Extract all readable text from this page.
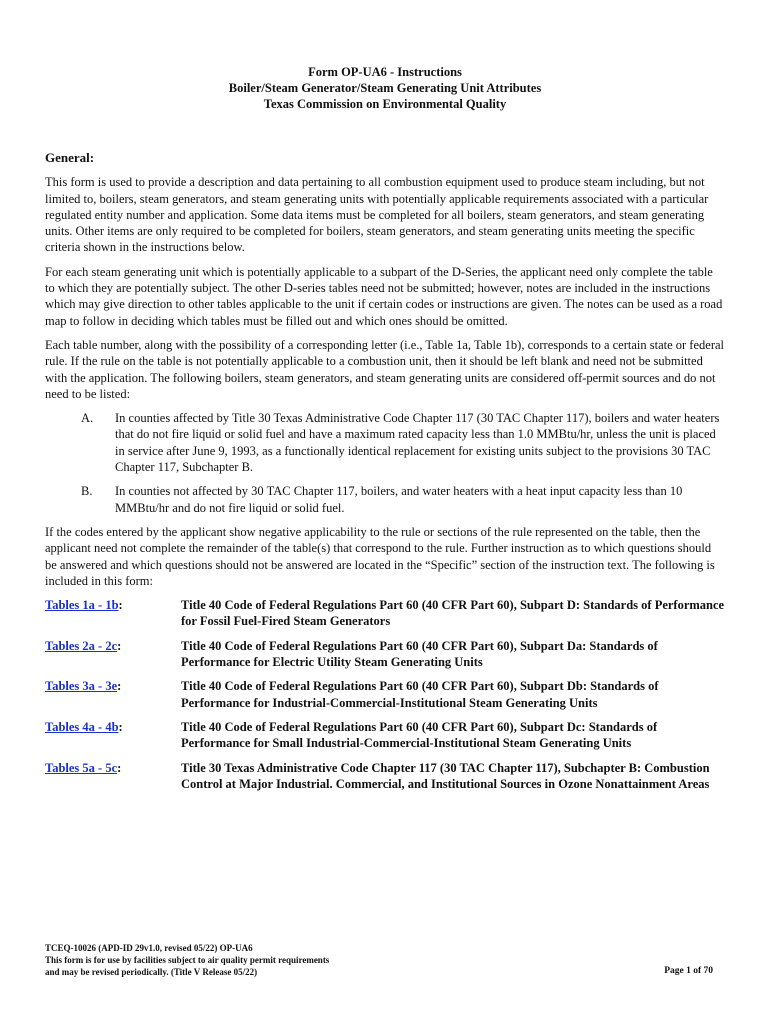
Form OP-UA6 - Instructions
Boiler/Steam Generator/Steam Generating Unit Attributes
Texas Commission on Environmental Quality
General:

This form is used to provide a description and data pertaining to all combustion equipment used to produce steam including, but not limited to, boilers, steam generators, and steam generating units with potentially applicable requirements associated with a particular regulated entity number and application. Some data items must be completed for all boilers, steam generators, and steam generating units. Other items are only required to be completed for boilers, steam generators, and steam generating units meeting the specific criteria shown in the instructions below.

For each steam generating unit which is potentially applicable to a subpart of the D-Series, the applicant need only complete the table to which they are potentially subject. The other D-series tables need not be submitted; however, notes are included in the instructions which may give direction to other tables applicable to the unit if certain codes or instructions are given. The notes can be used as a road map to follow in deciding which tables must be filled out and which ones should be omitted.

Each table number, along with the possibility of a corresponding letter (i.e., Table 1a, Table 1b), corresponds to a certain state or federal rule. If the rule on the table is not potentially applicable to a combustion unit, then it should be left blank and need not be submitted with the application. The following boilers, steam generators, and steam generating units are considered off-permit sources and do not need to be listed:

A.	In counties affected by Title 30 Texas Administrative Code Chapter 117 (30 TAC Chapter 117), boilers and water heaters that do not fire liquid or solid fuel and have a maximum rated capacity less than 1.0 MMBtu/hr, unless the unit is placed in service after June 9, 1993, as a functionally identical replacement for existing units subject to the provisions 30 TAC Chapter 117, Subchapter B.
B.	In counties not affected by 30 TAC Chapter 117, boilers, and water heaters with a heat input capacity less than 10 MMBtu/hr and do not fire liquid or solid fuel.

If the codes entered by the applicant show negative applicability to the rule or sections of the rule represented on the table, then the applicant need not complete the remainder of the table(s) that correspond to the rule. Further instruction as to which questions should be answered and which questions should not be answered are located in the “Specific” section of the instruction text. The following is included in this form:

Tables 1a - 1b:	Title 40 Code of Federal Regulations Part 60 (40 CFR Part 60), Subpart D: Standards of Performance for Fossil Fuel-Fired Steam Generators
Tables 2a - 2c:	Title 40 Code of Federal Regulations Part 60 (40 CFR Part 60), Subpart Da: Standards of Performance for Electric Utility Steam Generating Units
Tables 3a - 3e:	Title 40 Code of Federal Regulations Part 60 (40 CFR Part 60), Subpart Db: Standards of Performance for Industrial-Commercial-Institutional Steam Generating Units
Tables 4a - 4b:	Title 40 Code of Federal Regulations Part 60 (40 CFR Part 60), Subpart Dc: Standards of Performance for Small Industrial-Commercial-Institutional Steam Generating Units
Tables 5a - 5c:	Title 30 Texas Administrative Code Chapter 117 (30 TAC Chapter 117), Subchapter B: Combustion Control at Major Industrial. Commercial, and Institutional Sources in Ozone Nonattainment Areas
TCEQ-10026 (APD-ID 29v1.0, revised 05/22) OP-UA6
This form is for use by facilities subject to air quality permit requirements
and may be revised periodically. (Title V Release 05/22)	Page 1 of 70
